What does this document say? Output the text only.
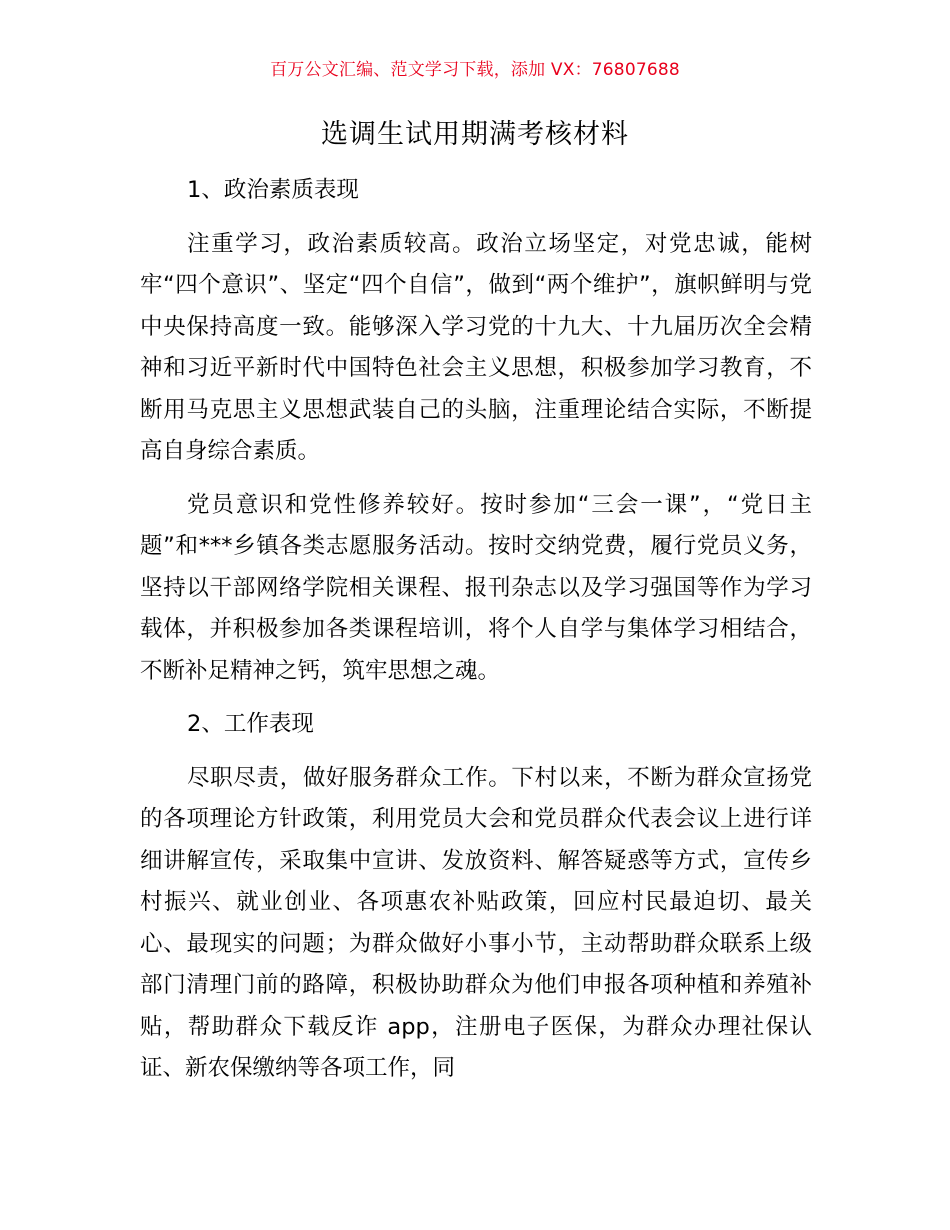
百万公文汇编、范文学习下载，添加 VX：76807688
选调生试用期满考核材料

1、政治素质表现

注重学习，政治素质较高。政治立场坚定，对党忠诚，能树牢“四个意识”、坚定“四个自信”，做到“两个维护”，旗帜鲜明与党中央保持高度一致。能够深入学习党的十九大、十九届历次全会精神和习近平新时代中国特色社会主义思想，积极参加学习教育，不断用马克思主义思想武装自己的头脑，注重理论结合实际，不断提高自身综合素质。

党员意识和党性修养较好。按时参加“三会一课”，“党日主题”和***乡镇各类志愿服务活动。按时交纳党费，履行党员义务，坚持以干部网络学院相关课程、报刊杂志以及学习强国等作为学习载体，并积极参加各类课程培训，将个人自学与集体学习相结合，不断补足精神之钙，筑牢思想之魂。

2、工作表现

尽职尽责，做好服务群众工作。下村以来，不断为群众宣扬党的各项理论方针政策，利用党员大会和党员群众代表会议上进行详细讲解宣传，采取集中宣讲、发放资料、解答疑惑等方式，宣传乡村振兴、就业创业、各项惠农补贴政策，回应村民最迫切、最关心、最现实的问题；为群众做好小事小节，主动帮助群众联系上级部门清理门前的路障，积极协助群众为他们申报各项种植和养殖补贴，帮助群众下载反诈 app，注册电子医保，为群众办理社保认证、新农保缴纳等各项工作，同
